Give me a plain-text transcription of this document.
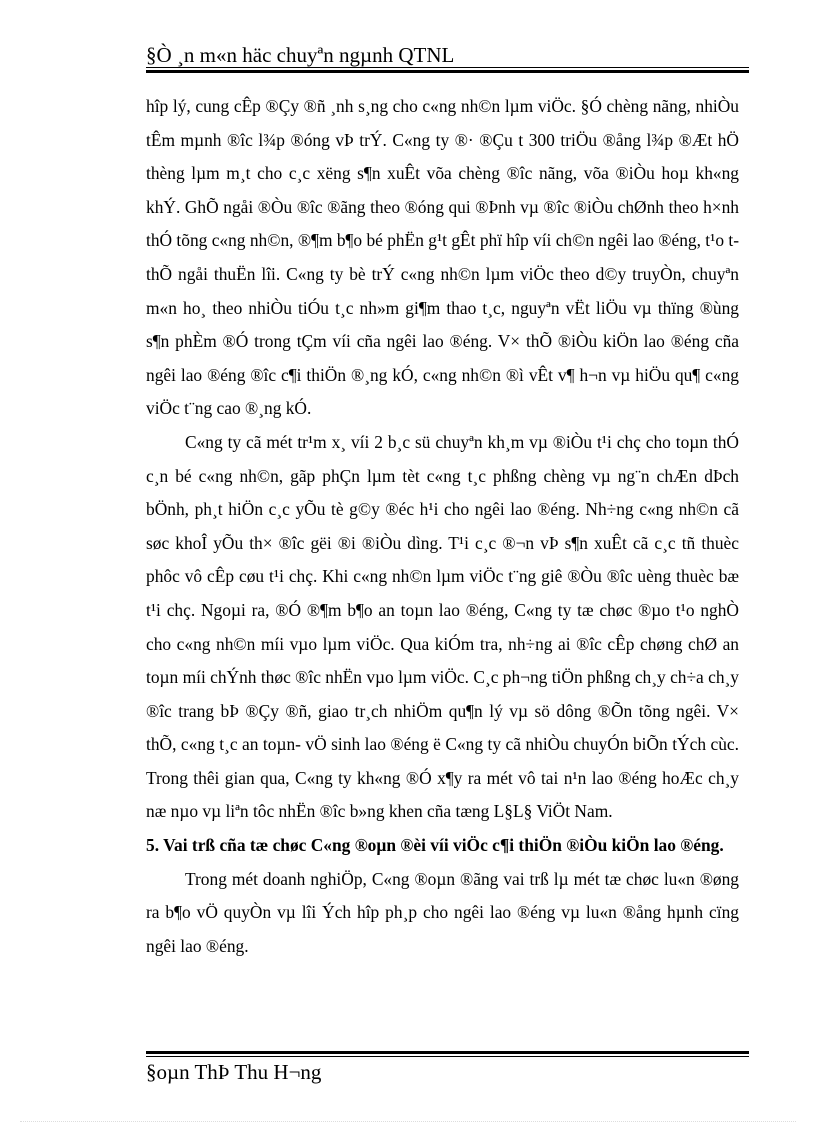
§Ò ¸n m«n häc chuyªn ngµnh QTNL

hîp lý, cung cÊp ®Çy ®ñ ¸nh s¸ng cho c«ng nh©n lµm viÖc. §Ó chèng nãng, nhiÒu tÊm mµnh ®îc l¾p ®óng vÞ trÝ. C«ng ty ®· ®Çu t 300 triÖu ®ång l¾p ®Æt hÖ thèng lµm m¸t cho c¸c xëng s¶n xuÊt võa chèng ®îc nãng, võa ®iÒu hoµ kh«ng khÝ. GhÕ ngåi ®Òu ®îc ®ãng theo ®óng qui ®Þnh vµ ®îc ®iÒu chØnh theo h×nh thÓ tõng c«ng nh©n, ®¶m b¶o bé phËn g¹t gÊt phï hîp víi ch©n ngêi lao ®éng, t¹o t thÕ ngåi thuËn lîi. C«ng ty bè trÝ c«ng nh©n lµm viÖc theo d©y truyÒn, chuyªn m«n ho¸ theo nhiÒu tiÓu t¸c nh»m gi¶m thao t¸c, nguyªn vËt liÖu vµ thïng ®ùng s¶n phÈm ®Ó trong tÇm víi cña ngêi lao ®éng. V× thÕ ®iÒu kiÖn lao ®éng cña ngêi lao ®éng ®îc c¶i thiÖn ®¸ng kÓ, c«ng nh©n ®ì vÊt v¶ h¬n vµ hiÖu qu¶ c«ng viÖc t¨ng cao ®¸ng kÓ.

C«ng ty cã mét tr¹m x¸ víi 2 b¸c sü chuyªn kh¸m vµ ®iÒu t¹i chç cho toµn thÓ c¸n bé c«ng nh©n, gãp phÇn lµm tèt c«ng t¸c phßng chèng vµ ng¨n chÆn dÞch bÖnh, ph¸t hiÖn c¸c yÕu tè g©y ®éc h¹i cho ngêi lao ®éng. Nh÷ng c«ng nh©n cã søc khoÎ yÕu th× ®îc gëi ®i ®iÒu dìng. T¹i c¸c ®¬n vÞ s¶n xuÊt cã c¸c tñ thuèc phôc vô cÊp cøu t¹i chç. Khi c«ng nh©n lµm viÖc t¨ng giê ®Òu ®îc uèng thuèc bæ t¹i chç. Ngoµi ra, ®Ó ®¶m b¶o an toµn lao ®éng, C«ng ty tæ chøc ®µo t¹o nghÒ cho c«ng nh©n míi vµo lµm viÖc. Qua kiÓm tra, nh÷ng ai ®îc cÊp chøng chØ an toµn míi chÝnh thøc ®îc nhËn vµo lµm viÖc. C¸c ph¬ng tiÖn phßng ch¸y ch÷a ch¸y ®îc trang bÞ ®Çy ®ñ, giao tr¸ch nhiÖm qu¶n lý vµ sö dông ®Õn tõng ngêi. V× thÕ, c«ng t¸c an toµn- vÖ sinh lao ®éng ë C«ng ty cã nhiÒu chuyÓn biÕn tÝch cùc. Trong thêi gian qua, C«ng ty kh«ng ®Ó x¶y ra mét vô tai n¹n lao ®éng hoÆc ch¸y næ nµo vµ liªn tôc nhËn ®îc b»ng khen cña tæng L§L§ ViÖt Nam.

5. Vai trß cña tæ chøc C«ng ®oµn ®èi víi viÖc c¶i thiÖn ®iÒu kiÖn lao ®éng.

Trong mét doanh nghiÖp, C«ng ®oµn ®ãng vai trß lµ mét tæ chøc lu«n ®øng ra b¶o vÖ quyÒn vµ lîi Ých hîp ph¸p cho ngêi lao ®éng vµ lu«n ®ång hµnh cïng ngêi lao ®éng.

§oµn ThÞ Thu H¬ng
